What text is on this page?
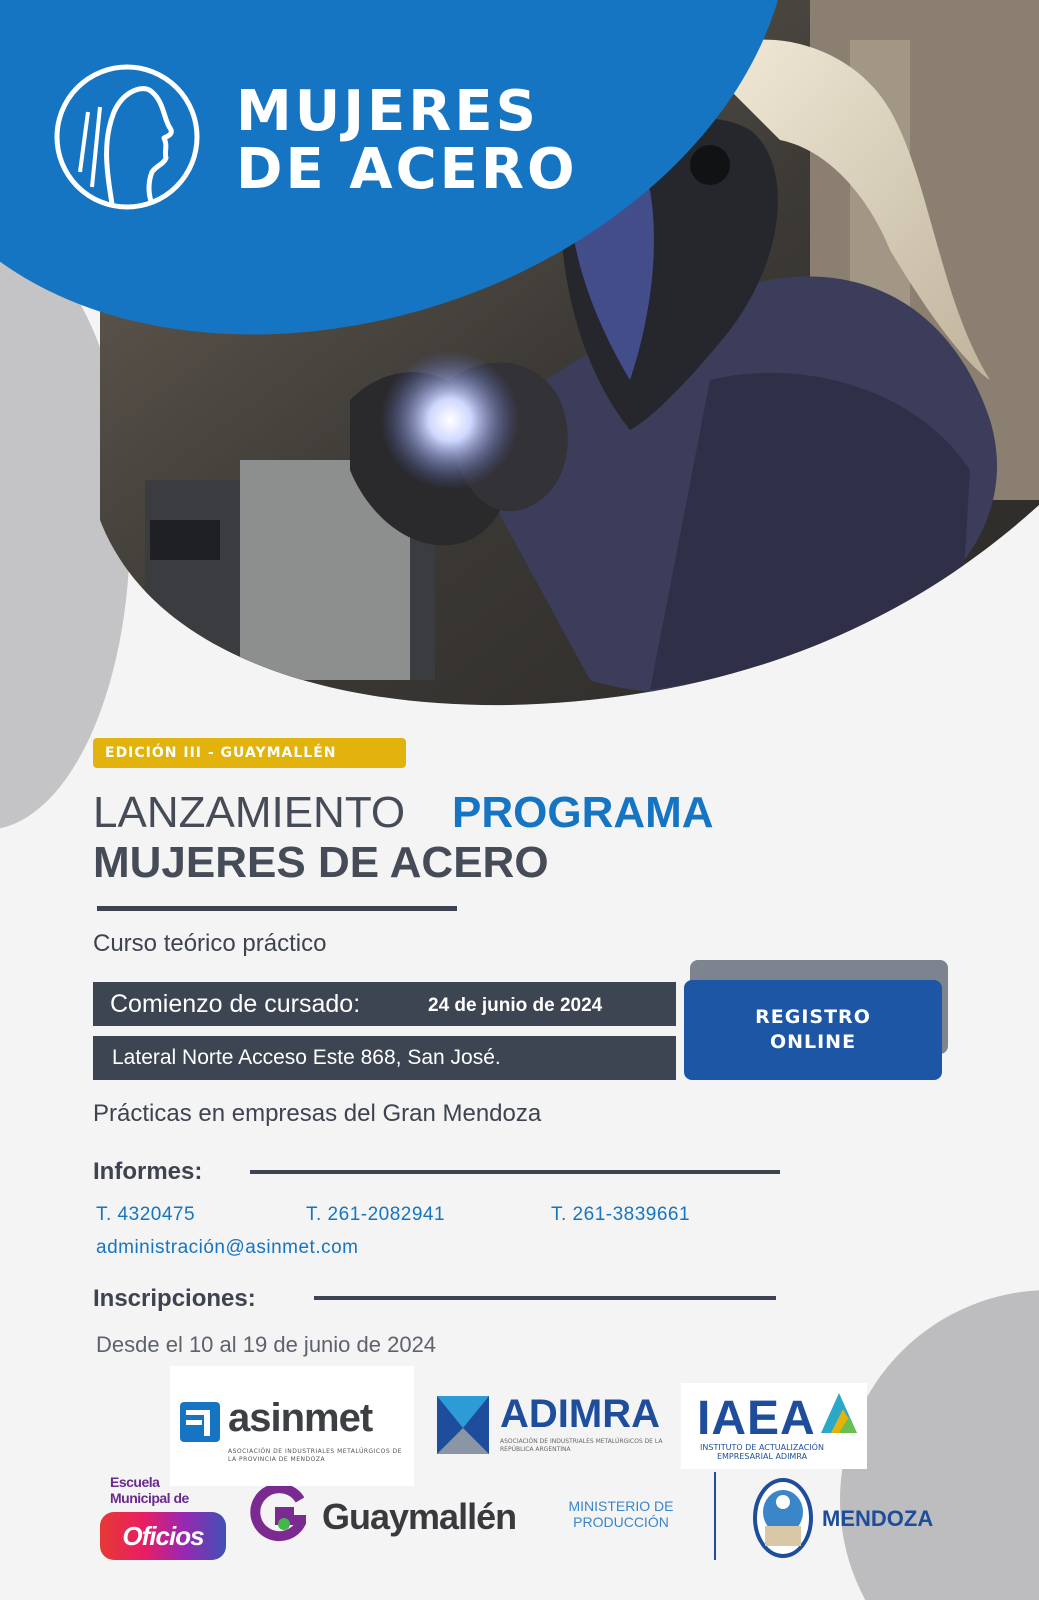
MUJERES
DE ACERO
EDICIÓN III - GUAYMALLÉN
LANZAMIENTO PROGRAMA
MUJERES DE ACERO
Curso teórico práctico
Comienzo de cursado:	24 de junio de 2024
Lateral Norte Acceso Este 868, San José.
REGISTRO ONLINE
Prácticas en empresas del Gran Mendoza
Informes:
T. 4320475	T. 261-2082941	T. 261-3839661
administración@asinmet.com
Inscripciones:
Desde el 10 al 19 de junio de 2024
asinmet
ASOCIACIÓN DE INDUSTRIALES METALÚRGICOS DE LA PROVINCIA DE MENDOZA
ADIMRA
ASOCIACIÓN DE INDUSTRIALES METALÚRGICOS DE LA REPÚBLICA ARGENTINA
IAEA
INSTITUTO DE ACTUALIZACIÓN EMPRESARIAL ADIMRA
Escuela
Municipal de
Oficios	Guaymallén	MINISTERIO DE PRODUCCIÓN	MENDOZA
